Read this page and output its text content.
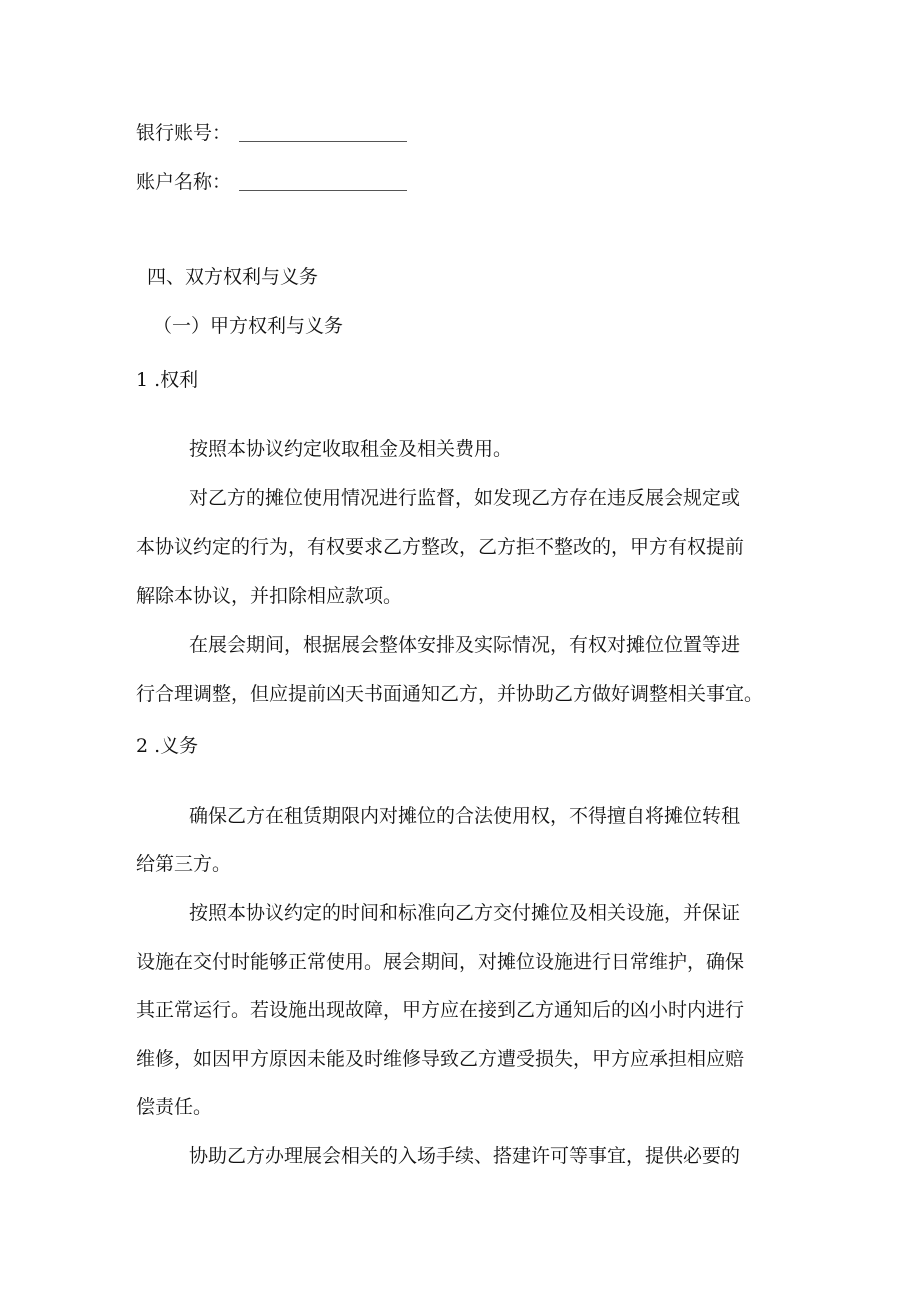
银行账号：
账户名称：
四、双方权利与义务
（一）甲方权利与义务
1 .权利
按照本协议约定收取租金及相关费用。
对乙方的摊位使用情况进行监督，如发现乙方存在违反展会规定或
本协议约定的行为，有权要求乙方整改，乙方拒不整改的，甲方有权提前
解除本协议，并扣除相应款项。
在展会期间，根据展会整体安排及实际情况，有权对摊位位置等进
行合理调整，但应提前凶天书面通知乙方，并协助乙方做好调整相关事宜。
2 .义务
确保乙方在租赁期限内对摊位的合法使用权，不得擅自将摊位转租
给第三方。
按照本协议约定的时间和标准向乙方交付摊位及相关设施，并保证
设施在交付时能够正常使用。展会期间，对摊位设施进行日常维护，确保
其正常运行。若设施出现故障，甲方应在接到乙方通知后的凶小时内进行
维修，如因甲方原因未能及时维修导致乙方遭受损失，甲方应承担相应赔
偿责任。
协助乙方办理展会相关的入场手续、搭建许可等事宜，提供必要的
